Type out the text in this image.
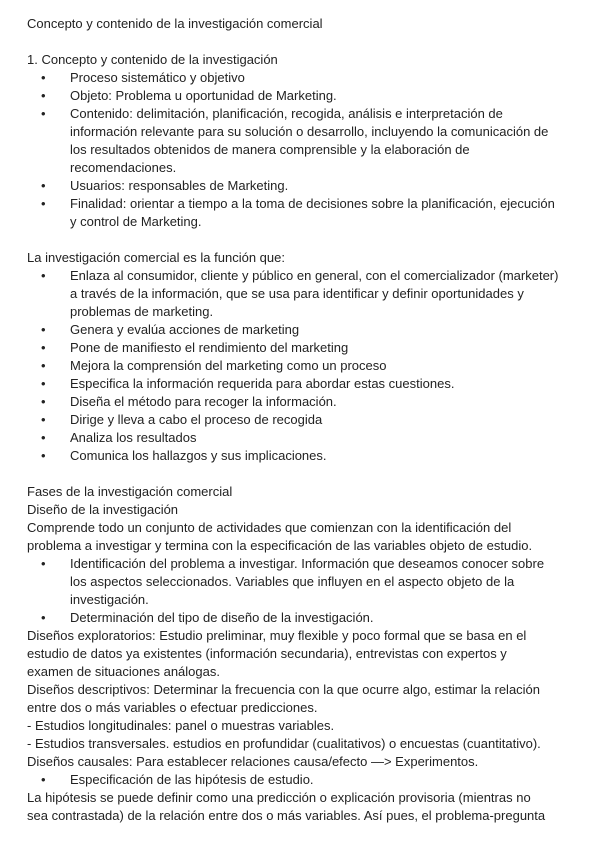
Concepto y contenido de la investigación comercial

1. Concepto y contenido de la investigación

• Proceso sistemático y objetivo
• Objeto: Problema u oportunidad de Marketing.
• Contenido: delimitación, planificación, recogida, análisis e interpretación de
información relevante para su solución o desarrollo, incluyendo la comunicación de
los resultados obtenidos de manera comprensible y la elaboración de
recomendaciones.
• Usuarios: responsables de Marketing.
• Finalidad: orientar a tiempo a la toma de decisiones sobre la planificación, ejecución
y control de Marketing.

La investigación comercial es la función que:

• Enlaza al consumidor, cliente y público en general, con el comercializador (marketer)
a través de la información, que se usa para identificar y definir oportunidades y
problemas de marketing.
• Genera y evalúa acciones de marketing
• Pone de manifiesto el rendimiento del marketing
• Mejora la comprensión del marketing como un proceso
• Especifica la información requerida para abordar estas cuestiones.
• Diseña el método para recoger la información.
• Dirige y lleva a cabo el proceso de recogida
• Analiza los resultados
• Comunica los hallazgos y sus implicaciones.

Fases de la investigación comercial

Diseño de la investigación

Comprende todo un conjunto de actividades que comienzan con la identificación del

problema a investigar y termina con la especificación de las variables objeto de estudio.

• Identificación del problema a investigar. Información que deseamos conocer sobre
los aspectos seleccionados. Variables que influyen en el aspecto objeto de la
investigación.
• Determinación del tipo de diseño de la investigación.

Diseños exploratorios: Estudio preliminar, muy flexible y poco formal que se basa en el

estudio de datos ya existentes (información secundaria), entrevistas con expertos y

examen de situaciones análogas.

Diseños descriptivos: Determinar la frecuencia con la que ocurre algo, estimar la relación

entre dos o más variables o efectuar predicciones.

- Estudios longitudinales: panel o muestras variables.

- Estudios transversales. estudios en profundidar (cualitativos) o encuestas (cuantitativo).

Diseños causales: Para establecer relaciones causa/efecto —> Experimentos.

• Especificación de las hipótesis de estudio.

La hipótesis se puede definir como una predicción o explicación provisoria (mientras no

sea contrastada) de la relación entre dos o más variables. Así pues, el problema-pregunta
